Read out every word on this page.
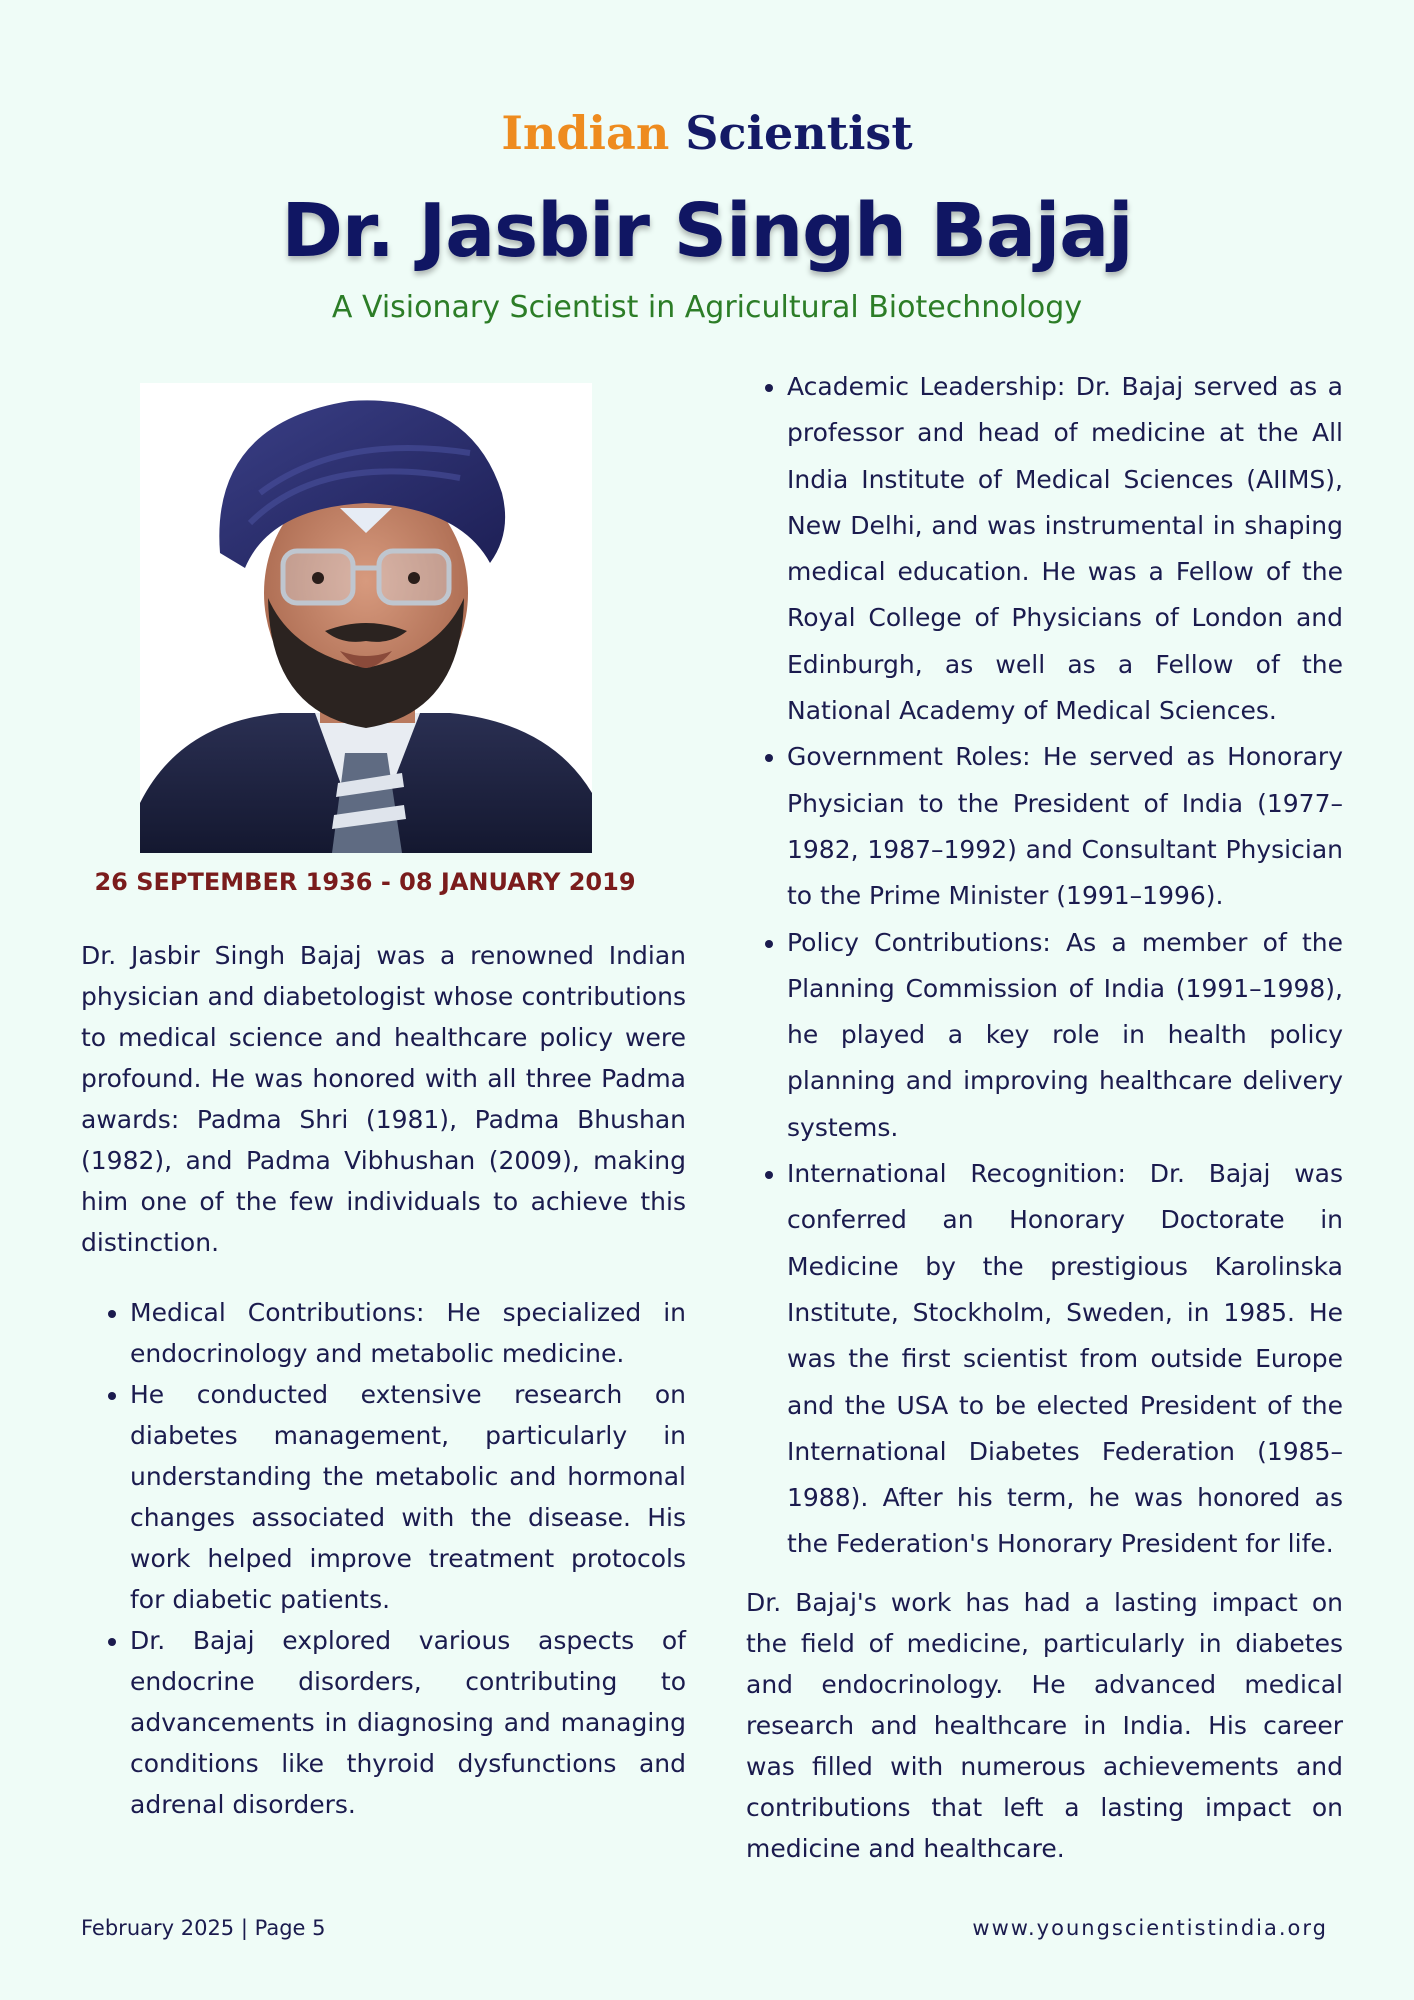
Indian Scientist
Dr. Jasbir Singh Bajaj
A Visionary Scientist in Agricultural Biotechnology
26 SEPTEMBER 1936 - 08 JANUARY 2019

Dr. Jasbir Singh Bajaj was a renowned Indian physician and diabetologist whose contributions to medical science and healthcare policy were profound. He was honored with all three Padma awards: Padma Shri (1981), Padma Bhushan (1982), and Padma Vibhushan (2009), making him one of the few individuals to achieve this distinction.

• Medical Contributions: He specialized in endocrinology and metabolic medicine.
• He conducted extensive research on diabetes management, particularly in understanding the metabolic and hormonal changes associated with the disease. His work helped improve treatment protocols for diabetic patients.
• Dr. Bajaj explored various aspects of endocrine disorders, contributing to advancements in diagnosing and managing conditions like thyroid dysfunctions and adrenal disorders.
• Academic Leadership: Dr. Bajaj served as a professor and head of medicine at the All India Institute of Medical Sciences (AIIMS), New Delhi, and was instrumental in shaping medical education. He was a Fellow of the Royal College of Physicians of London and Edinburgh, as well as a Fellow of the National Academy of Medical Sciences.
• Government Roles: He served as Honorary Physician to the President of India (1977–1982, 1987–1992) and Consultant Physician to the Prime Minister (1991–1996).
• Policy Contributions: As a member of the Planning Commission of India (1991–1998), he played a key role in health policy planning and improving healthcare delivery systems.
• International Recognition: Dr. Bajaj was conferred an Honorary Doctorate in Medicine by the prestigious Karolinska Institute, Stockholm, Sweden, in 1985. He was the first scientist from outside Europe and the USA to be elected President of the International Diabetes Federation (1985–1988). After his term, he was honored as the Federation's Honorary President for life.

Dr. Bajaj's work has had a lasting impact on the field of medicine, particularly in diabetes and endocrinology. He advanced medical research and healthcare in India. His career was filled with numerous achievements and contributions that left a lasting impact on medicine and healthcare.

February 2025 | Page 5	www.youngscientistindia.org
